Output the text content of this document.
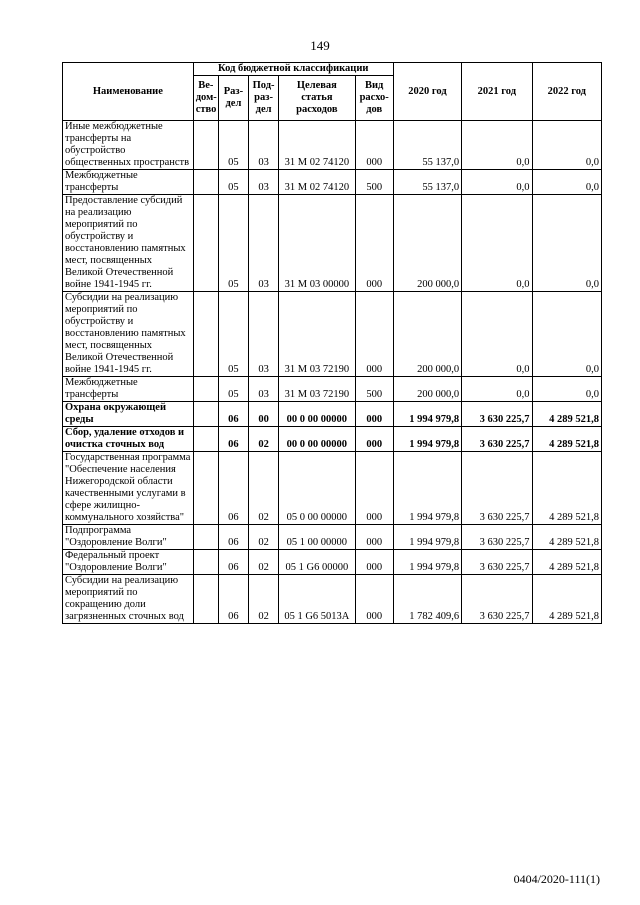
149
Наименование	Код бюджетной классификации					2020 год	2021 год	2022 год
	Ве-дом-ство	Раз-дел	Под-раз-дел	Целевая статья расходов	Вид расхо-дов			
Иные межбюджетные трансферты на обустройство общественных пространств		05	03	31 М 02 74120	000	55 137,0	0,0	0,0
Межбюджетные трансферты		05	03	31 М 02 74120	500	55 137,0	0,0	0,0
Предоставление субсидий на реализацию мероприятий по обустройству и восстановлению памятных мест, посвященных Великой Отечественной войне 1941-1945 гг.		05	03	31 М 03 00000	000	200 000,0	0,0	0,0
Субсидии на реализацию мероприятий по обустройству и восстановлению памятных мест, посвященных Великой Отечественной войне 1941-1945 гг.		05	03	31 М 03 72190	000	200 000,0	0,0	0,0
Межбюджетные трансферты		05	03	31 М 03 72190	500	200 000,0	0,0	0,0
Охрана окружающей среды		06	00	00 0 00 00000	000	1 994 979,8	3 630 225,7	4 289 521,8
Сбор, удаление отходов и очистка сточных вод		06	02	00 0 00 00000	000	1 994 979,8	3 630 225,7	4 289 521,8
Государственная программа "Обеспечение населения Нижегородской области качественными услугами в сфере жилищно-коммунального хозяйства"		06	02	05 0 00 00000	000	1 994 979,8	3 630 225,7	4 289 521,8
Подпрограмма "Оздоровление Волги"		06	02	05 1 00 00000	000	1 994 979,8	3 630 225,7	4 289 521,8
Федеральный проект "Оздоровление Волги"		06	02	05 1 G6 00000	000	1 994 979,8	3 630 225,7	4 289 521,8
Субсидии на реализацию мероприятий по сокращению доли загрязненных сточных вод		06	02	05 1 G6 5013А	000	1 782 409,6	3 630 225,7	4 289 521,8
0404/2020-111(1)
